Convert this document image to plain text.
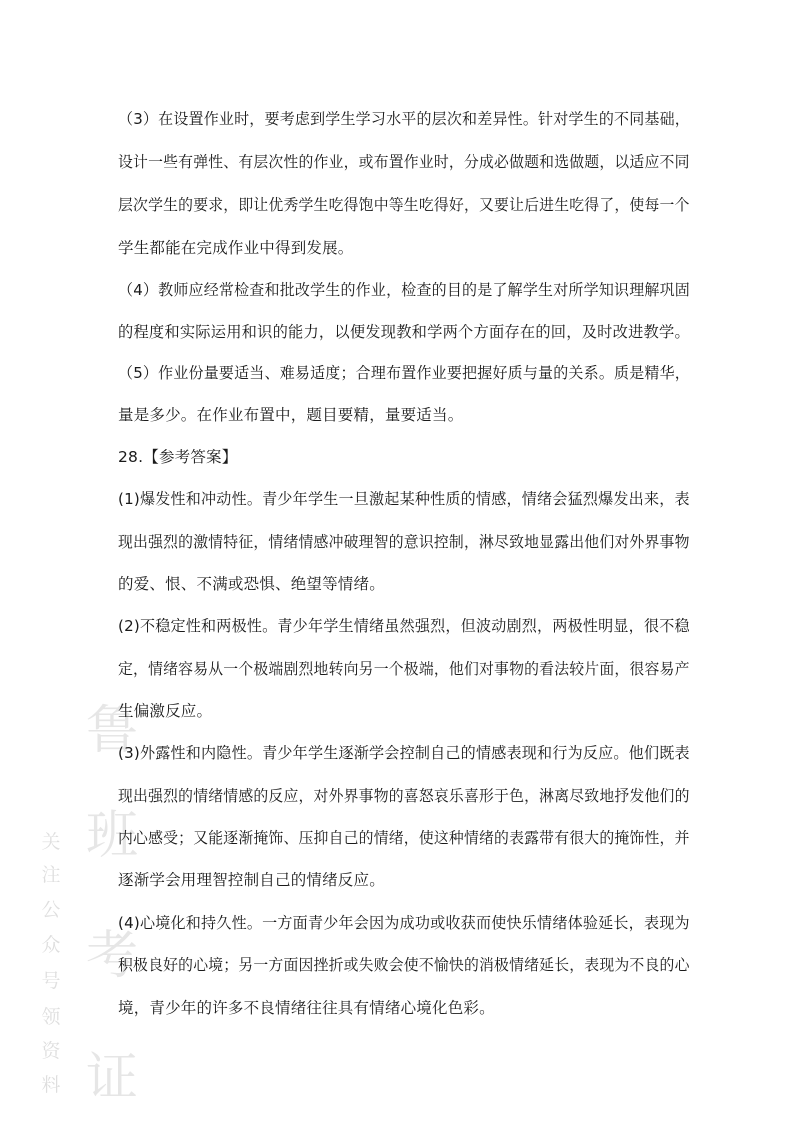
鲁
班
考
证
关
注
公
众
号
领
资
料
（3）在设置作业时，要考虑到学生学习水平的层次和差异性。针对学生的不同基础，
设计一些有弹性、有层次性的作业，或布置作业时，分成必做题和选做题，以适应不同
层次学生的要求，即让优秀学生吃得饱中等生吃得好，又要让后进生吃得了，使每一个
学生都能在完成作业中得到发展。
（4）教师应经常检查和批改学生的作业，检查的目的是了解学生对所学知识理解巩固
的程度和实际运用和识的能力，以便发现教和学两个方面存在的回，及时改进教学。
（5）作业份量要适当、难易适度；合理布置作业要把握好质与量的关系。质是精华，
量是多少。在作业布置中，题目要精，量要适当。
28.【参考答案】
(1)爆发性和冲动性。青少年学生一旦激起某种性质的情感，情绪会猛烈爆发出来，表
现出强烈的激情特征，情绪情感冲破理智的意识控制，淋尽致地显露出他们对外界事物
的爱、恨、不满或恐惧、绝望等情绪。
(2)不稳定性和两极性。青少年学生情绪虽然强烈，但波动剧烈，两极性明显，很不稳
定，情绪容易从一个极端剧烈地转向另一个极端，他们对事物的看法较片面，很容易产
生偏激反应。
(3)外露性和内隐性。青少年学生逐渐学会控制自己的情感表现和行为反应。他们既表
现出强烈的情绪情感的反应，对外界事物的喜怒哀乐喜形于色，淋离尽致地抒发他们的
内心感受；又能逐渐掩饰、压抑自己的情绪，使这种情绪的表露带有很大的掩饰性，并
逐渐学会用理智控制自己的情绪反应。
(4)心境化和持久性。一方面青少年会因为成功或收获而使快乐情绪体验延长，表现为
积极良好的心境；另一方面因挫折或失败会使不愉快的消极情绪延长，表现为不良的心
境，青少年的许多不良情绪往往具有情绪心境化色彩。
